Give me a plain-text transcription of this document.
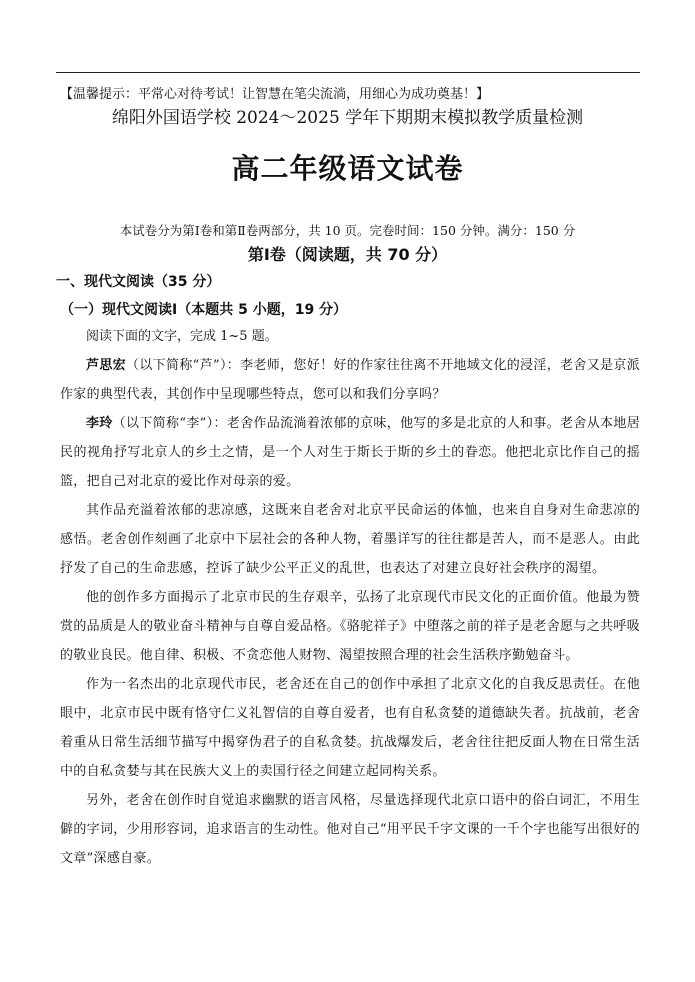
【温馨提示：平常心对待考试！让智慧在笔尖流淌，用细心为成功奠基！】
绵阳外国语学校 2024～2025 学年下期期末模拟教学质量检测
高二年级语文试卷
本试卷分为第Ⅰ卷和第Ⅱ卷两部分，共 10 页。完卷时间：150 分钟。满分：150 分
第Ⅰ卷（阅读题，共 70 分）
一、现代文阅读（35 分）
（一）现代文阅读Ⅰ（本题共 5 小题，19 分）
阅读下面的文字，完成 1~5 题。

芦思宏（以下简称“芦”）：李老师，您好！好的作家往往离不开地域文化的浸淫，老舍又是京派作家的典型代表，其创作中呈现哪些特点，您可以和我们分享吗？

李玲（以下简称“李”）：老舍作品流淌着浓郁的京味，他写的多是北京的人和事。老舍从本地居民的视角抒写北京人的乡土之情，是一个人对生于斯长于斯的乡土的眷恋。他把北京比作自己的摇篮，把自己对北京的爱比作对母亲的爱。

其作品充溢着浓郁的悲凉感，这既来自老舍对北京平民命运的体恤，也来自自身对生命悲凉的感悟。老舍创作刻画了北京中下层社会的各种人物，着墨详写的往往都是苦人，而不是恶人。由此抒发了自己的生命悲感，控诉了缺少公平正义的乱世，也表达了对建立良好社会秩序的渴望。

他的创作多方面揭示了北京市民的生存艰辛，弘扬了北京现代市民文化的正面价值。他最为赞赏的品质是人的敬业奋斗精神与自尊自爱品格。《骆驼祥子》中堕落之前的祥子是老舍愿与之共呼吸的敬业良民。他自律、积极、不贪恋他人财物、渴望按照合理的社会生活秩序勤勉奋斗。

作为一名杰出的北京现代市民，老舍还在自己的创作中承担了北京文化的自我反思责任。在他眼中，北京市民中既有恪守仁义礼智信的自尊自爱者，也有自私贪婪的道德缺失者。抗战前，老舍着重从日常生活细节描写中揭穿伪君子的自私贪婪。抗战爆发后，老舍往往把反面人物在日常生活中的自私贪婪与其在民族大义上的卖国行径之间建立起同构关系。

另外，老舍在创作时自觉追求幽默的语言风格，尽量选择现代北京口语中的俗白词汇，不用生僻的字词，少用形容词，追求语言的生动性。他对自己“用平民千字文课的一千个字也能写出很好的文章”深感自豪。
